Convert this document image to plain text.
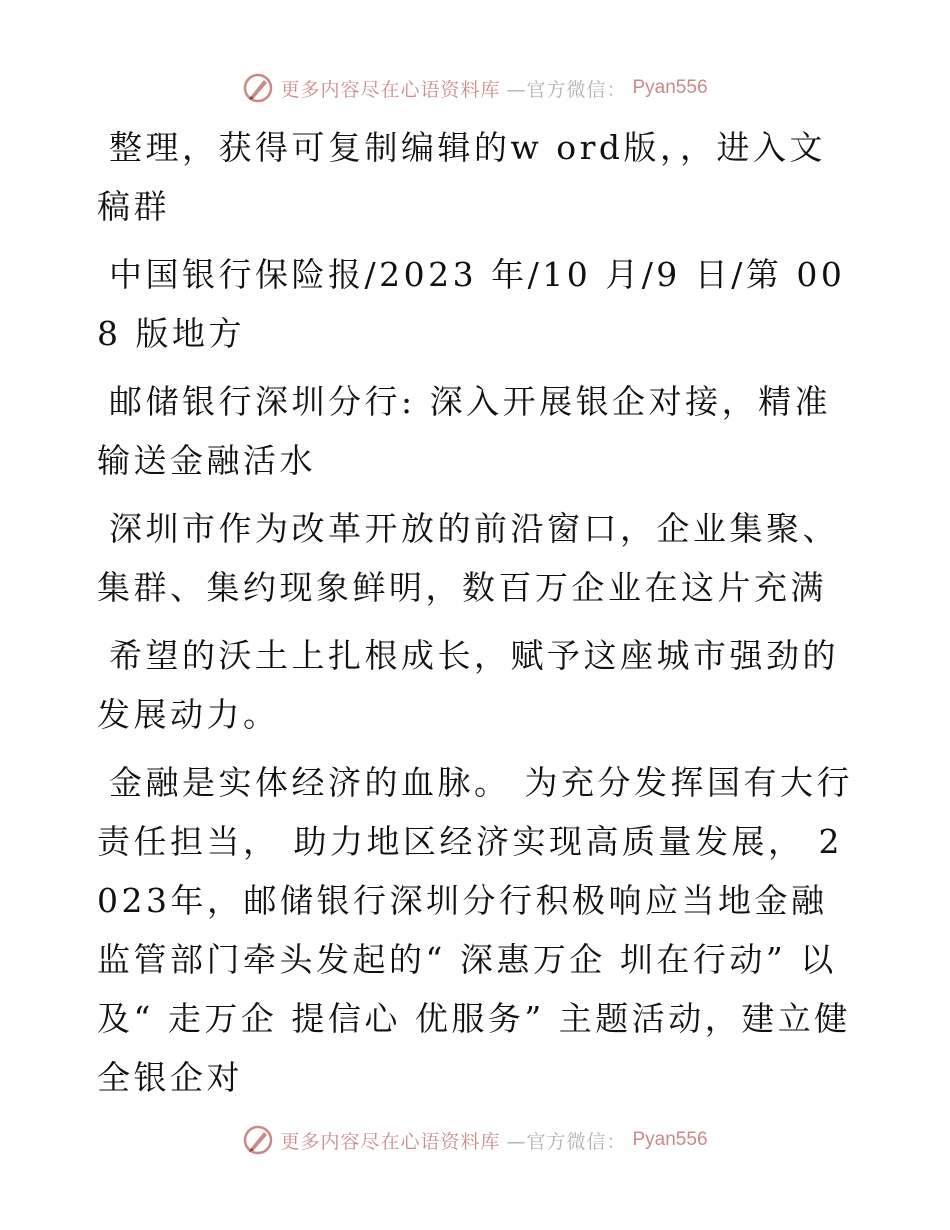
更多内容尽在心语资料库 —官方微信： Pyan556

整理，获得可复制编辑的w ord版，，进入文稿群

中国银行保险报/2023 年/10 月/9 日/第 008 版地方

邮储银行深圳分行: 深入开展银企对接，精准输送金融活水

深圳市作为改革开放的前沿窗口，企业集聚、集群、集约现象鲜明，数百万企业在这片充满

希望的沃土上扎根成长，赋予这座城市强劲的发展动力。

金融是实体经济的血脉。 为充分发挥国有大行责任担当， 助力地区经济实现高质量发展， 2023年，邮储银行深圳分行积极响应当地金融监管部门牵头发起的“ 深惠万企 圳在行动” 以及“ 走万企 提信心 优服务” 主题活动，建立健全银企对

更多内容尽在心语资料库 —官方微信： Pyan556
